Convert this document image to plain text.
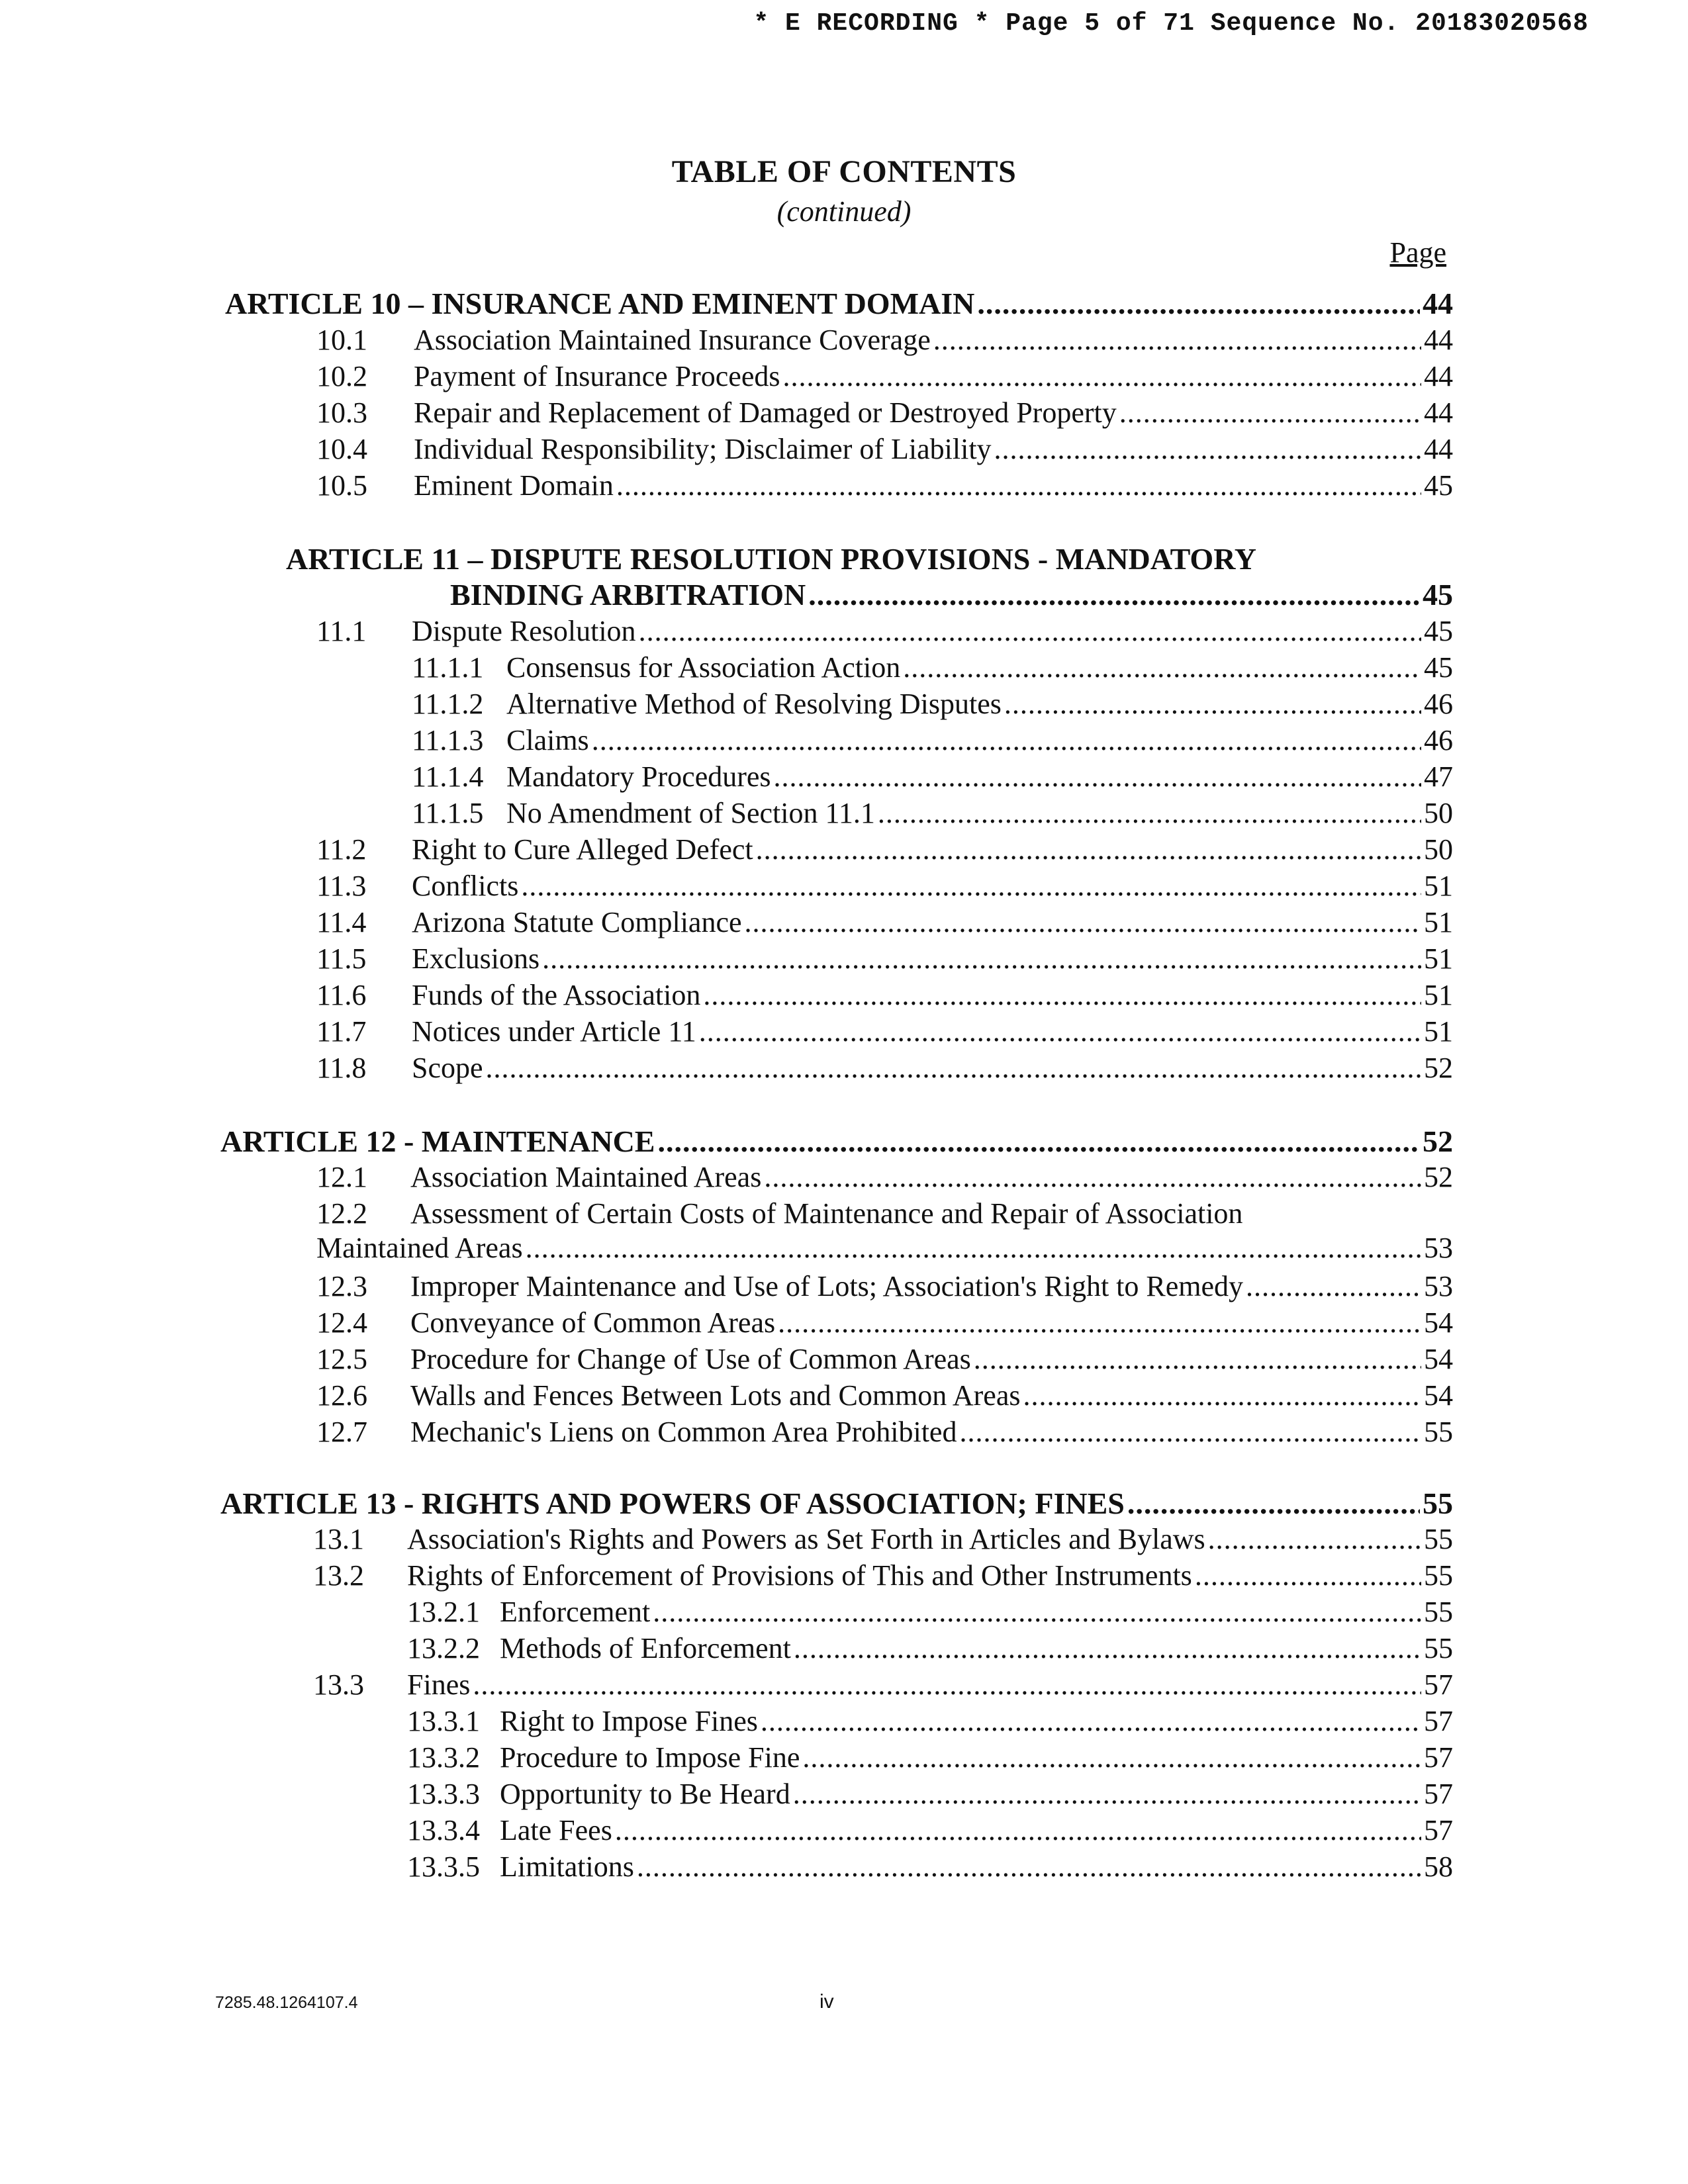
* E RECORDING * Page 5 of 71 Sequence No. 20183020568
TABLE OF CONTENTS
(continued)
Page
ARTICLE 10 – INSURANCE AND EMINENT DOMAIN .....	44
10.1 Association Maintained Insurance Coverage .....	44
10.2 Payment of Insurance Proceeds .....	44
10.3 Repair and Replacement of Damaged or Destroyed Property .....	44
10.4 Individual Responsibility; Disclaimer of Liability .....	44
10.5 Eminent Domain .....	45
ARTICLE 11 – DISPUTE RESOLUTION PROVISIONS - MANDATORY
BINDING ARBITRATION .....	45
11.1 Dispute Resolution .....	45
11.1.1 Consensus for Association Action .....	45
11.1.2 Alternative Method of Resolving Disputes .....	46
11.1.3 Claims .....	46
11.1.4 Mandatory Procedures .....	47
11.1.5 No Amendment of Section 11.1 .....	50
11.2 Right to Cure Alleged Defect .....	50
11.3 Conflicts .....	51
11.4 Arizona Statute Compliance .....	51
11.5 Exclusions .....	51
11.6 Funds of the Association .....	51
11.7 Notices under Article 11 .....	51
11.8 Scope .....	52
ARTICLE 12 - MAINTENANCE .....	52
12.1 Association Maintained Areas .....	52
12.2 Assessment of Certain Costs of Maintenance and Repair of Association
Maintained Areas .....	53
12.3 Improper Maintenance and Use of Lots; Association's Right to Remedy .....	53
12.4 Conveyance of Common Areas .....	54
12.5 Procedure for Change of Use of Common Areas .....	54
12.6 Walls and Fences Between Lots and Common Areas .....	54
12.7 Mechanic's Liens on Common Area Prohibited .....	55
ARTICLE 13 - RIGHTS AND POWERS OF ASSOCIATION; FINES .....	55
13.1 Association's Rights and Powers as Set Forth in Articles and Bylaws .....	55
13.2 Rights of Enforcement of Provisions of This and Other Instruments .....	55
13.2.1 Enforcement .....	55
13.2.2 Methods of Enforcement .....	55
13.3 Fines .....	57
13.3.1 Right to Impose Fines .....	57
13.3.2 Procedure to Impose Fine .....	57
13.3.3 Opportunity to Be Heard .....	57
13.3.4 Late Fees .....	57
13.3.5 Limitations .....	58
7285.48.1264107.4	iv
